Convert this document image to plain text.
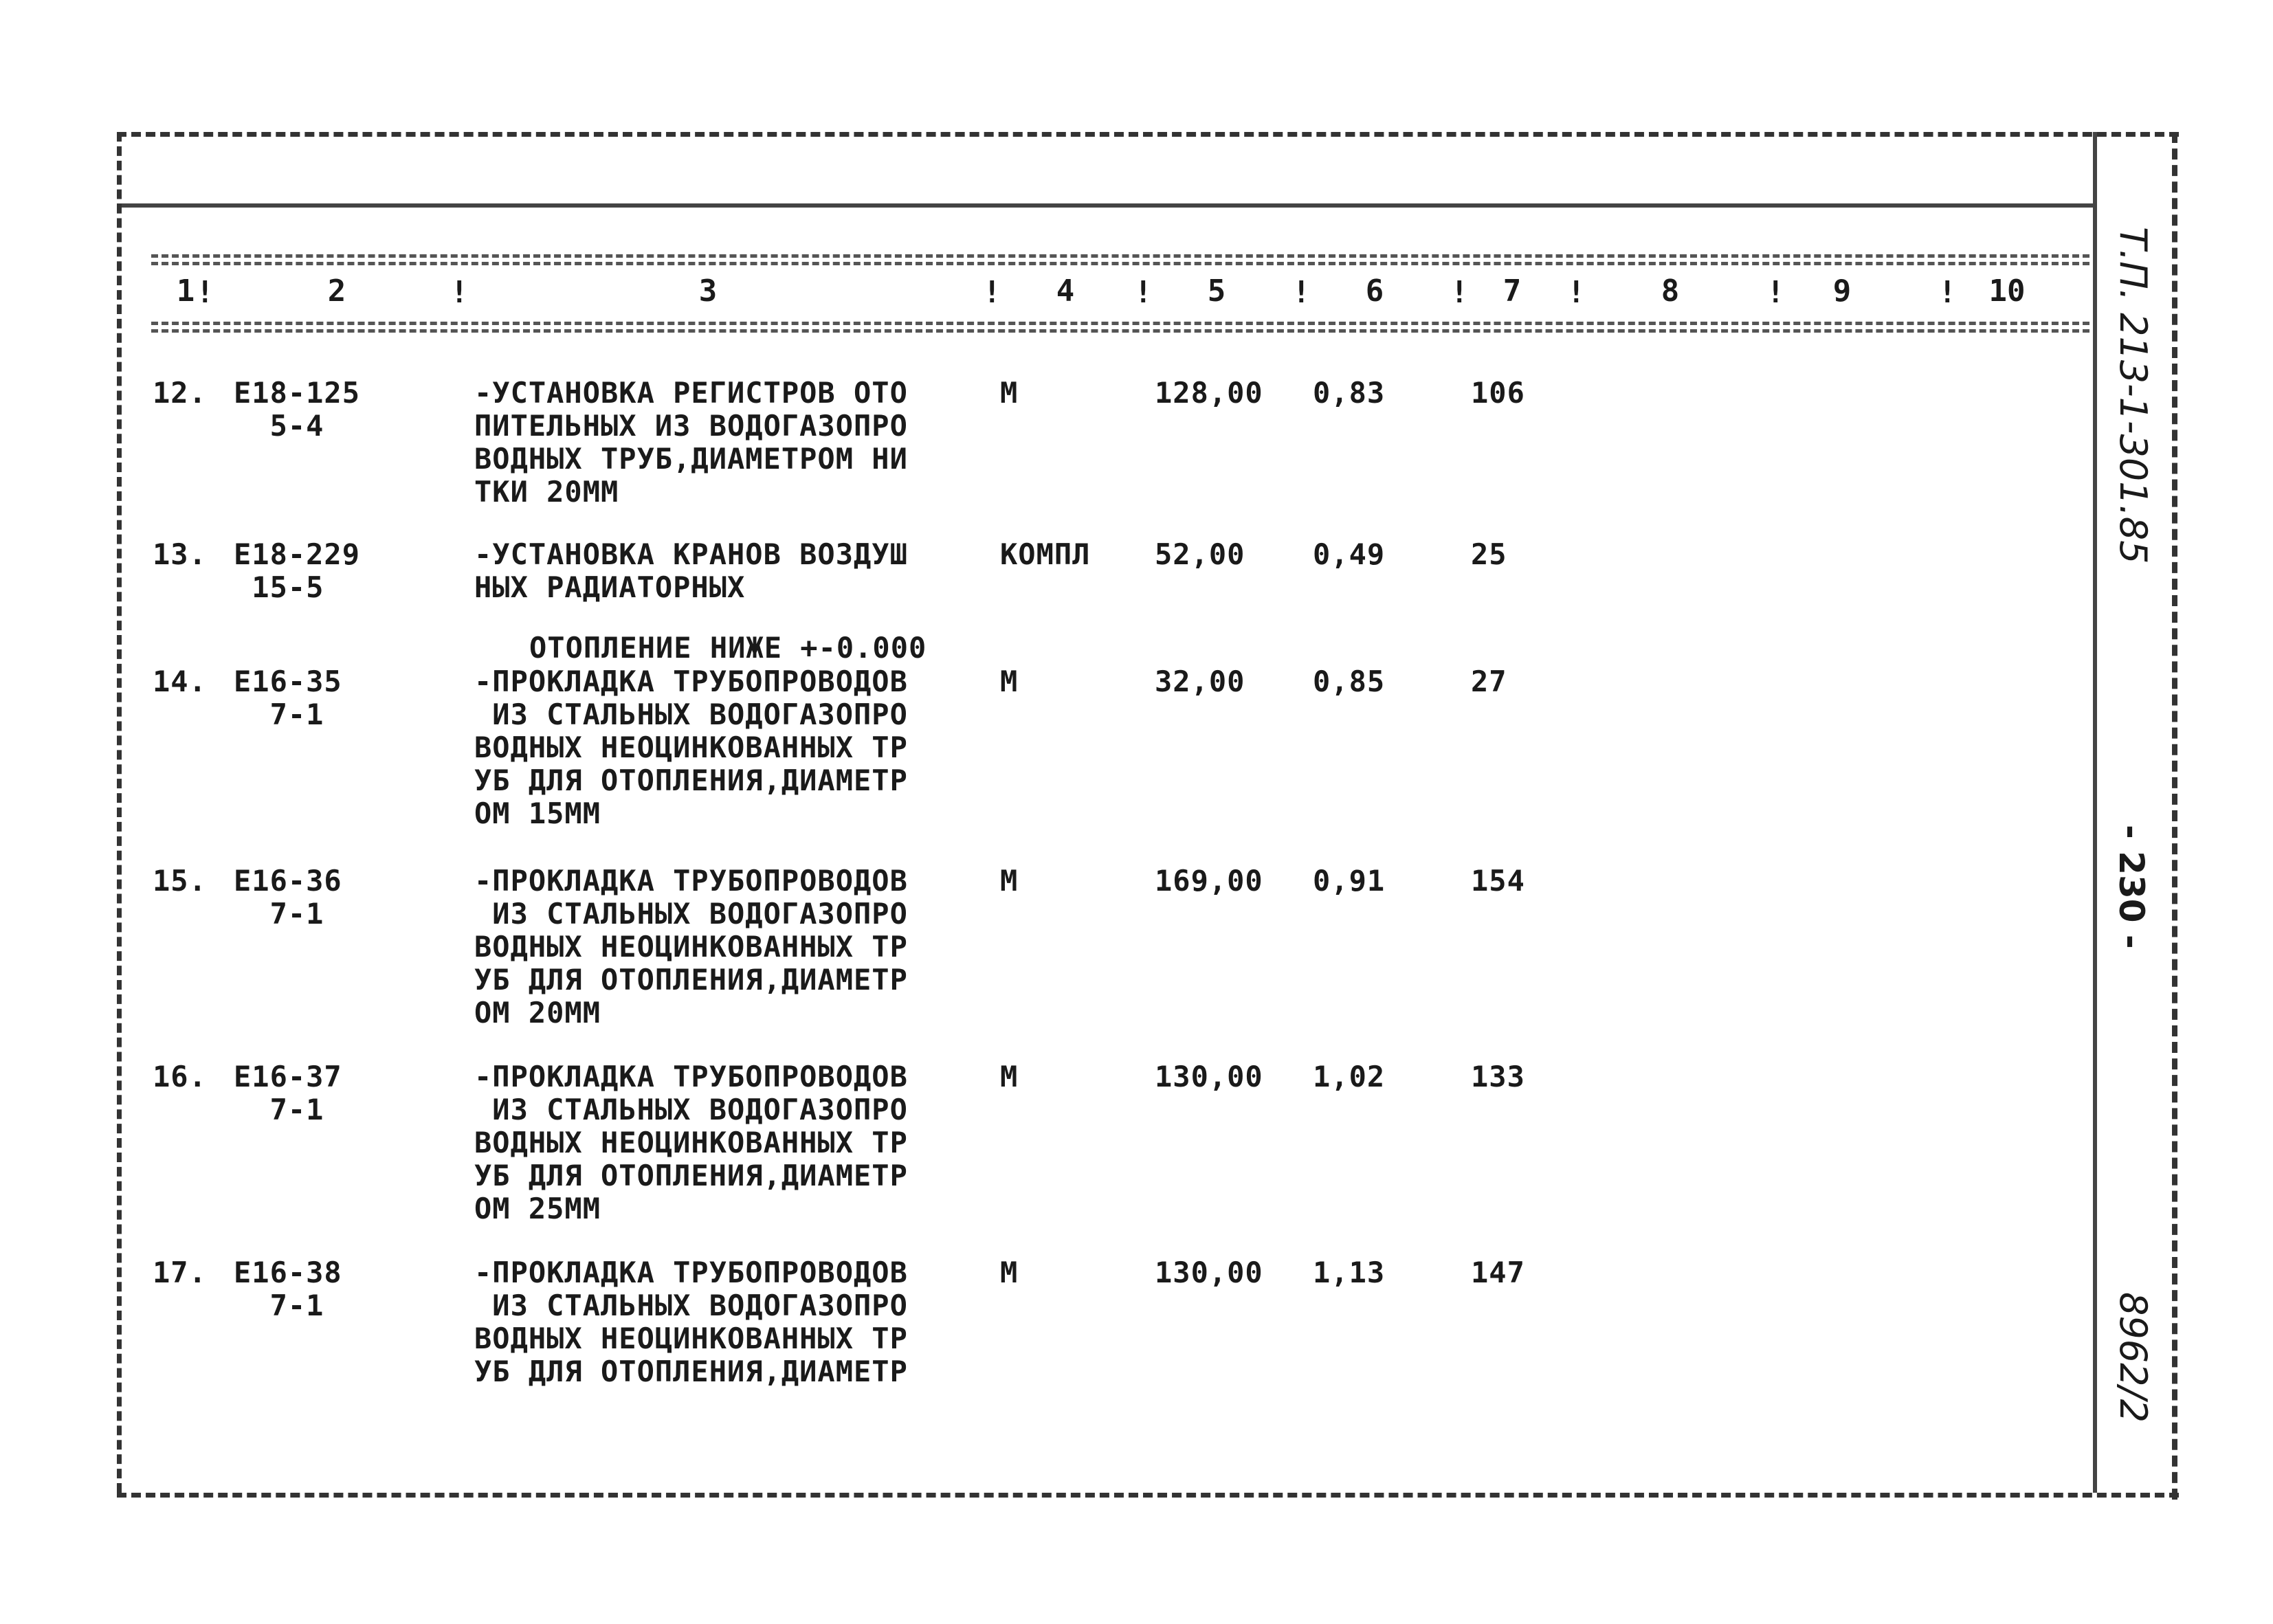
1	2	3	4	5	6	7	8	9	10
!	!	!	!	!	!	!	!	!
12. Е18-125
5-4
-УСТАНОВКА РЕГИСТРОВ ОТО
ПИТЕЛЬНЫХ ИЗ ВОДОГАЗОПРО
ВОДНЫХ ТРУБ,ДИАМЕТРОМ НИ
ТКИ 20ММ
М	128,00 0,83	106
13. Е18-229
15-5
-УСТАНОВКА КРАНОВ ВОЗДУШ
НЫХ РАДИАТОРНЫХ
КОМПЛ 52,00 0,49	25
ОТОПЛЕНИЕ НИЖЕ +-0.000
14. Е16-35
7-1
-ПРОКЛАДКА ТРУБОПРОВОДОВ
ИЗ СТАЛЬНЫХ ВОДОГАЗОПРО
ВОДНЫХ НЕОЦИНКОВАННЫХ ТР
УБ ДЛЯ ОТОПЛЕНИЯ,ДИАМЕТР
ОМ 15ММ
М	32,00 0,85	27
15. Е16-36
7-1
-ПРОКЛАДКА ТРУБОПРОВОДОВ
ИЗ СТАЛЬНЫХ ВОДОГАЗОПРО
ВОДНЫХ НЕОЦИНКОВАННЫХ ТР
УБ ДЛЯ ОТОПЛЕНИЯ,ДИАМЕТР
ОМ 20ММ
М	169,00 0,91	154
16. Е16-37
7-1
-ПРОКЛАДКА ТРУБОПРОВОДОВ
ИЗ СТАЛЬНЫХ ВОДОГАЗОПРО
ВОДНЫХ НЕОЦИНКОВАННЫХ ТР
УБ ДЛЯ ОТОПЛЕНИЯ,ДИАМЕТР
ОМ 25ММ
М	130,00 1,02	133
17. Е16-38
7-1
-ПРОКЛАДКА ТРУБОПРОВОДОВ
ИЗ СТАЛЬНЫХ ВОДОГАЗОПРО
ВОДНЫХ НЕОЦИНКОВАННЫХ ТР
УБ ДЛЯ ОТОПЛЕНИЯ,ДИАМЕТР
М	130,00 1,13	147
Т.П. 213-1-301.85
- 230 -
8962/2
